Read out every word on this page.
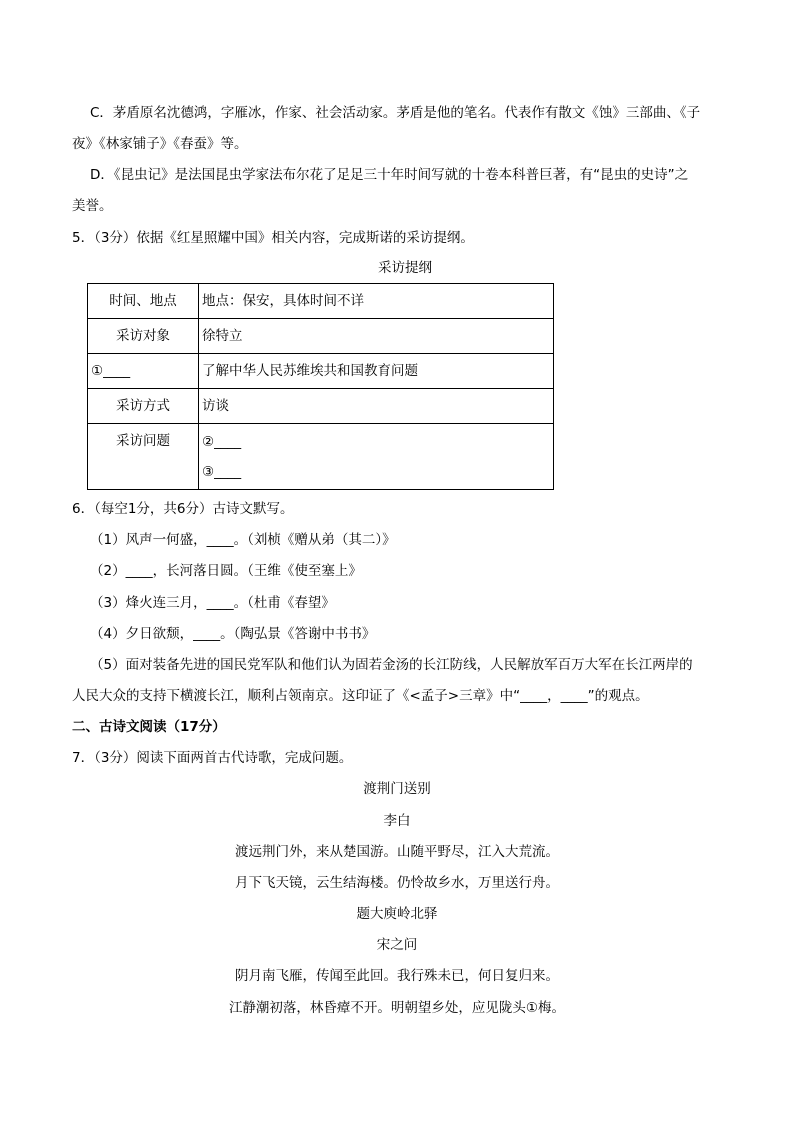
C．茅盾原名沈德鸿，字雁冰，作家、社会活动家。茅盾是他的笔名。代表作有散文《蚀》三部曲、《子
夜》《林家铺子》《春蚕》等。
D．《昆虫记》是法国昆虫学家法布尔花了足足三十年时间写就的十卷本科普巨著，有“昆虫的史诗”之
美誉。
5．（3分）依据《红星照耀中国》相关内容，完成斯诺的采访提纲。
采访提纲
时间、地点	地点：保安，具体时间不详
采访对象	徐特立
①____	了解中华人民苏维埃共和国教育问题
采访方式	访谈
采访问题	②____
③____
6．（每空1分，共6分）古诗文默写。
（1）风声一何盛，____。（刘桢《赠从弟（其二）》
（2）____，长河落日圆。（王维《使至塞上》
（3）烽火连三月，____。（杜甫《春望》
（4）夕日欲颓，____。（陶弘景《答谢中书书》
（5）面对装备先进的国民党军队和他们认为固若金汤的长江防线，人民解放军百万大军在长江两岸的
人民大众的支持下横渡长江，顺利占领南京。这印证了《<孟子>三章》中“____，____”的观点。
二、古诗文阅读（17分）
7．（3分）阅读下面两首古代诗歌，完成问题。
渡荆门送别
李白
渡远荆门外，来从楚国游。山随平野尽，江入大荒流。
月下飞天镜，云生结海楼。仍怜故乡水，万里送行舟。
题大庾岭北驿
宋之问
阴月南飞雁，传闻至此回。我行殊未已，何日复归来。
江静潮初落，林昏瘴不开。明朝望乡处，应见陇头①梅。
